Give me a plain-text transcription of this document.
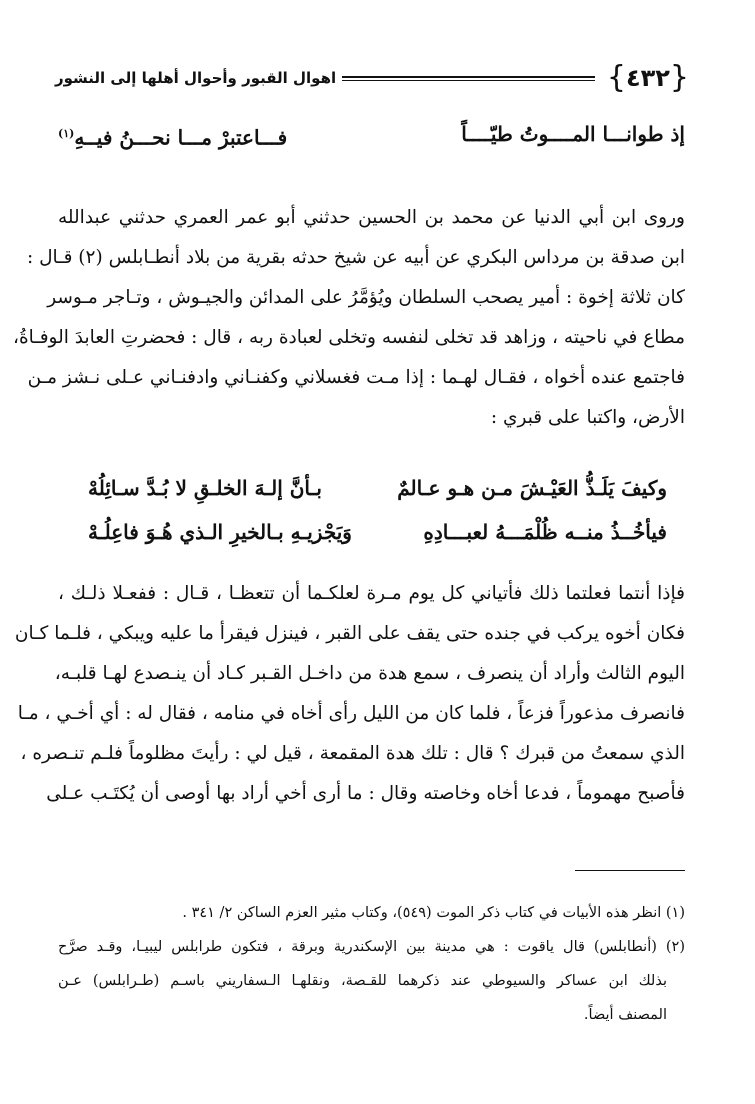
{
٤٣٢
}
اهوال القبور وأحوال أهلها إلى النشور
إذ طوانـــا المــــوتُ طيّــــاً
فـــاعتبرْ مـــا نحـــنُ فيــهِ$^{(١)}$
وروى ابن أبي الدنيا عن محمد بن الحسين حدثني أبو عمر العمري حدثني عبدالله
ابن صدقة بن مرداس البكري عن أبيه عن شيخ حدثه بقرية من بلاد أنطـابلس (٢) قـال :
كان ثلاثة إخوة : أمير يصحب السلطان ويُؤمَّرُ على المدائن والجيـوش ، وتـاجر مـوسر
مطاع في ناحيته ، وزاهد قد تخلى لنفسه وتخلى لعبادة ربه ، قال : فحضرتِ العابدَ الوفـاةُ،
فاجتمع عنده أخواه ، فقـال لهـما : إذا مـت فغسلاني وكفنـاني وادفنـاني عـلى نـشز مـن
الأرض، واكتبا على قبري :
وكيفَ يَلَـذُّ العَيْـشَ مـن هـو عـالمٌ
بـأنَّ إلـهَ الخلـقِ لا بُـدَّ سـائِلُهْ
فيأخُــذُ منــه ظُلْمَـــهُ لعبـــادِهِ
وَيَجْزيـهِ بـالخيرِ الـذي هُـوَ فاعِلُـهْ
فإذا أنتما فعلتما ذلك فأتياني كل يوم مـرة لعلكـما أن تتعظـا ، قـال : ففعـلا ذلـك ،
فكان أخوه يركب في جنده حتى يقف على القبر ، فينزل فيقرأ ما عليه ويبكي ، فلـما كـان
اليوم الثالث وأراد أن ينصرف ، سمع هدة من داخـل القـبر كـاد أن ينـصدع لهـا قلبـه،
فانصرف مذعوراً فزعاً ، فلما كان من الليل رأى أخاه في منامه ، فقال له : أي أخـي ، مـا
الذي سمعتُ من قبرك ؟ قال : تلك هدة المقمعة ، قيل لي : رأيتَ مظلوماً فلـم تنـصره ،
فأصبح مهموماً ، فدعا أخاه وخاصته وقال : ما أرى أخي أراد بها أوصى أن يُكتَـب عـلى
(١) انظر هذه الأبيات في كتاب ذكر الموت (٥٤٩)، وكتاب مثير العزم الساكن ٢/ ٣٤١ .
(٢) (أنطابلس) قال ياقوت : هي مدينة بين الإسكندرية وبرقة ، فتكون طرابلس ليبيـا، وقـد صرَّح
بذلك ابن عساكر والسيوطي عند ذكرهما للقـصة، ونقلهـا الـسفاريني باسـم (طـرابلس) عـن
المصنف أيضاً.
